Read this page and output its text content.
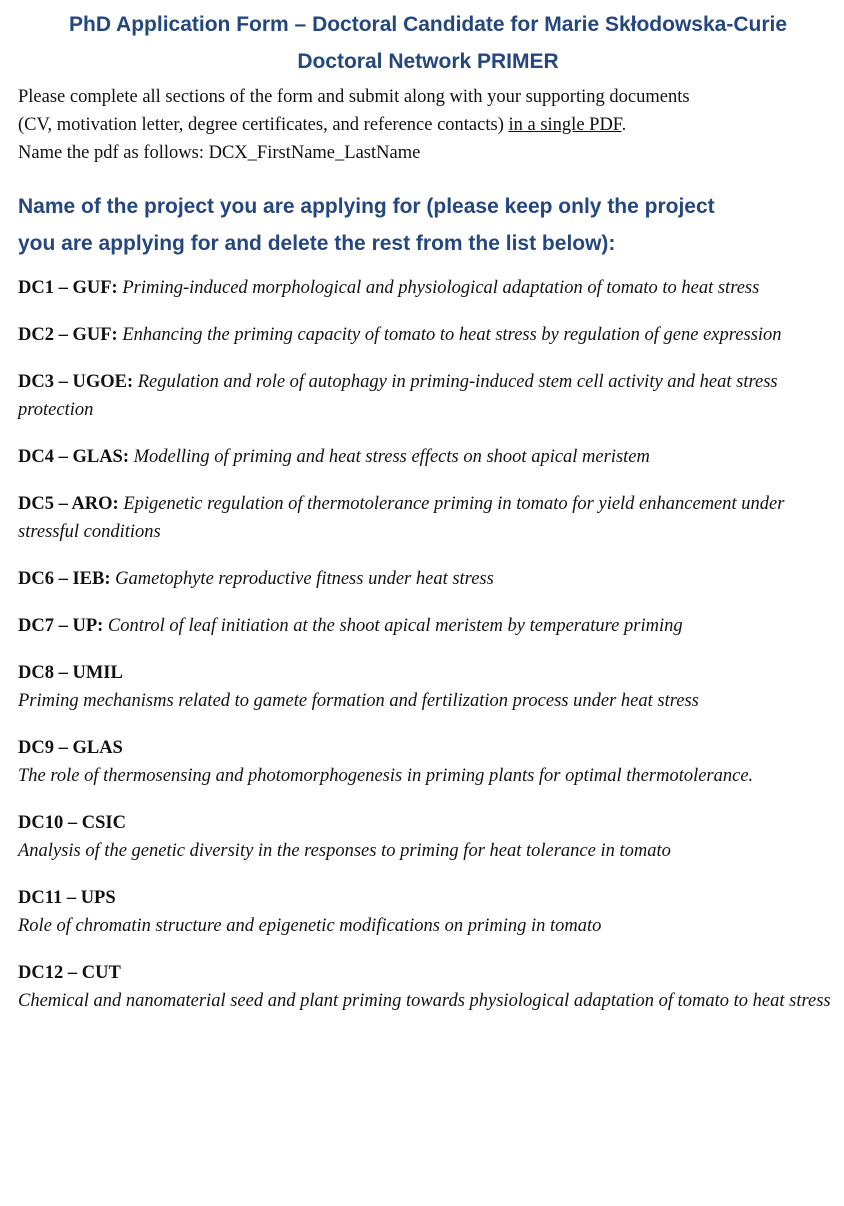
PhD Application Form – Doctoral Candidate for Marie Skłodowska-Curie
Doctoral Network PRIMER
Please complete all sections of the form and submit along with your supporting documents
(CV, motivation letter, degree certificates, and reference contacts) in a single PDF.
Name the pdf as follows: DCX_FirstName_LastName
Name of the project you are applying for (please keep only the project
you are applying for and delete the rest from the list below):
DC1 – GUF: Priming-induced morphological and physiological adaptation of tomato to heat stress
DC2 – GUF: Enhancing the priming capacity of tomato to heat stress by regulation of gene expression
DC3 – UGOE: Regulation and role of autophagy in priming-induced stem cell activity and heat stress protection
DC4 – GLAS: Modelling of priming and heat stress effects on shoot apical meristem
DC5 – ARO: Epigenetic regulation of thermotolerance priming in tomato for yield enhancement under stressful conditions
DC6 – IEB: Gametophyte reproductive fitness under heat stress
DC7 – UP: Control of leaf initiation at the shoot apical meristem by temperature priming
DC8 – UMIL
Priming mechanisms related to gamete formation and fertilization process under heat stress
DC9 – GLAS
The role of thermosensing and photomorphogenesis in priming plants for optimal thermotolerance.
DC10 – CSIC
Analysis of the genetic diversity in the responses to priming for heat tolerance in tomato
DC11 – UPS
Role of chromatin structure and epigenetic modifications on priming in tomato
DC12 – CUT
Chemical and nanomaterial seed and plant priming towards physiological adaptation of tomato to heat stress
